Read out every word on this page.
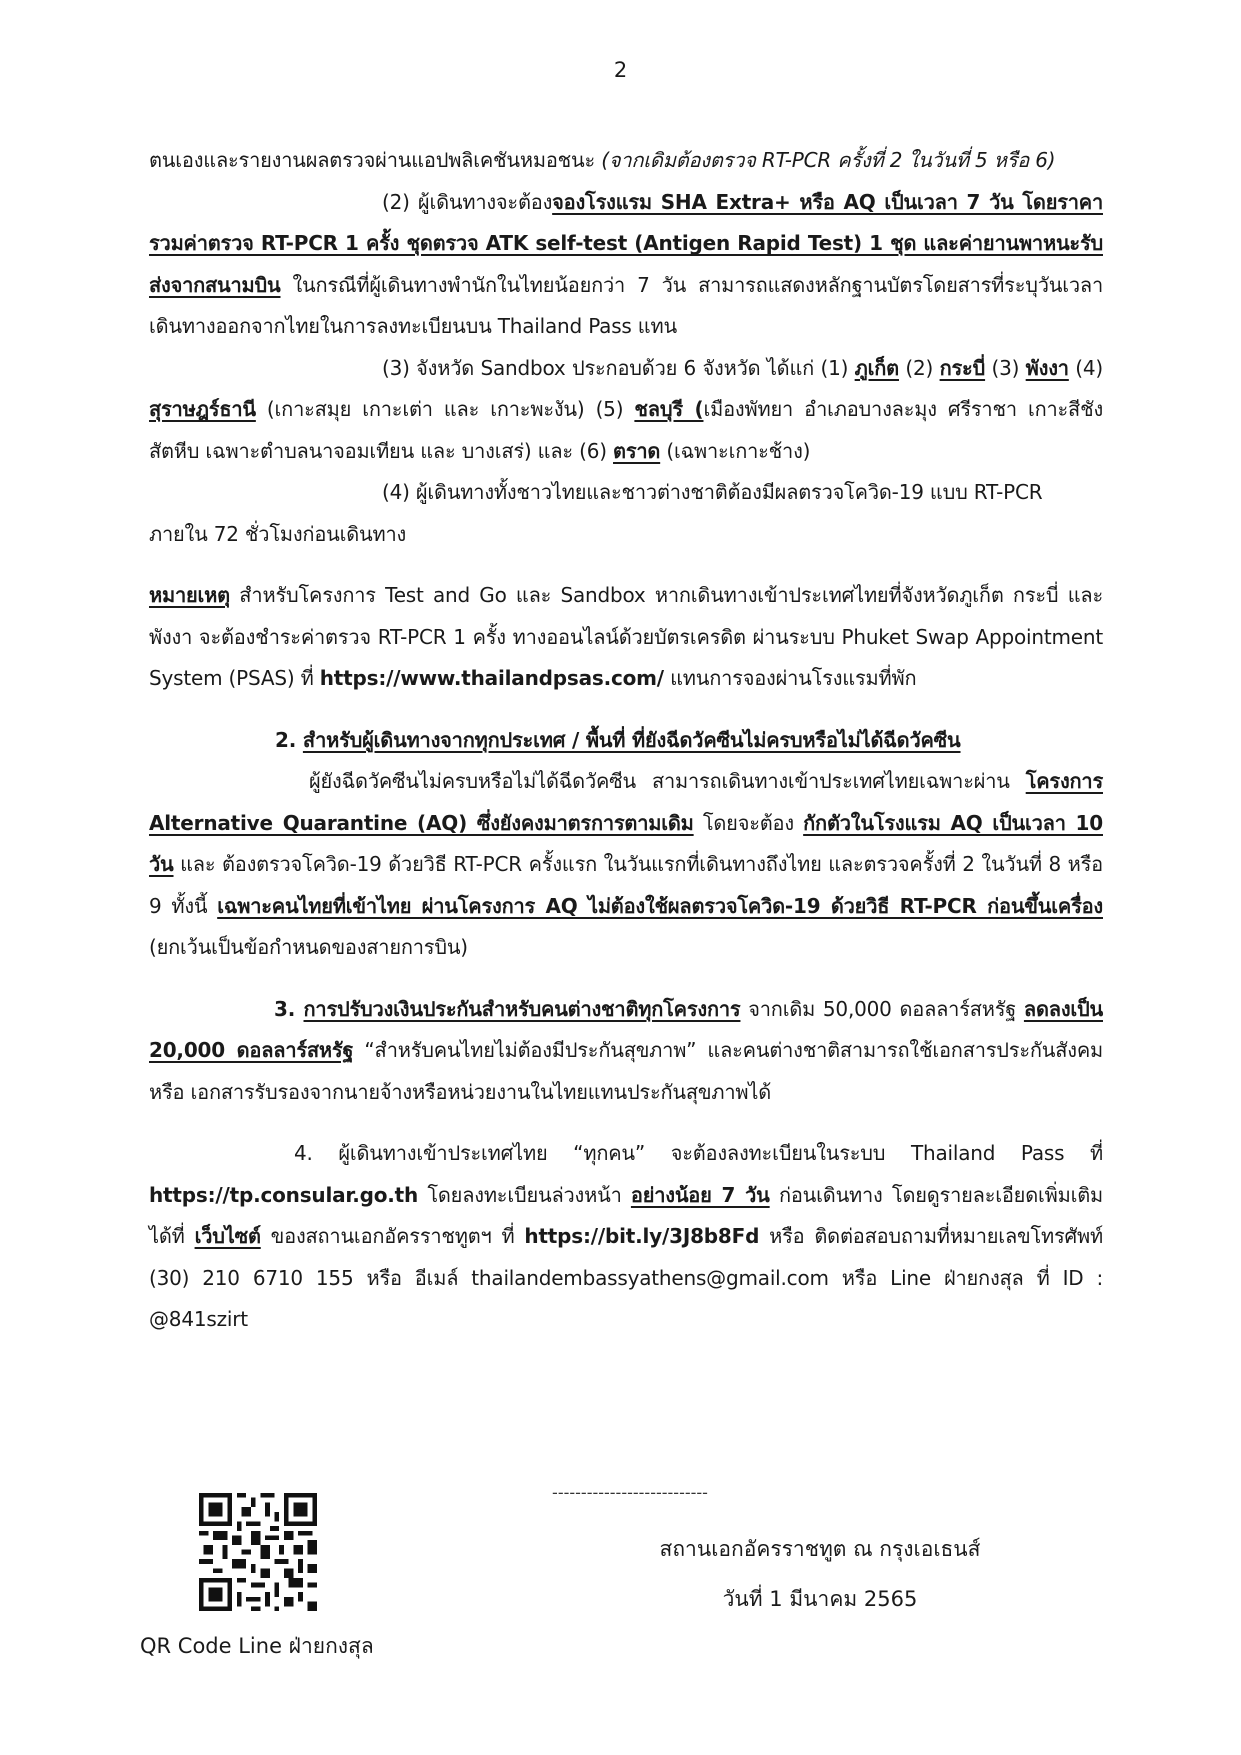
2

ตนเองและรายงานผลตรวจผ่านแอปพลิเคชันหมอชนะ (จากเดิมต้องตรวจ RT-PCR ครั้งที่ 2 ในวันที่ 5 หรือ 6)

(2) ผู้เดินทางจะต้องจองโรงแรม SHA Extra+ หรือ AQ เป็นเวลา 7 วัน โดยราคารวมค่าตรวจ RT-PCR 1 ครั้ง ชุดตรวจ ATK self-test (Antigen Rapid Test) 1 ชุด และค่ายานพาหนะรับส่งจากสนามบิน ในกรณีที่ผู้เดินทางพำนักในไทยน้อยกว่า 7 วัน สามารถแสดงหลักฐานบัตรโดยสารที่ระบุวันเวลาเดินทางออกจากไทยในการลงทะเบียนบน Thailand Pass แทน

(3) จังหวัด Sandbox ประกอบด้วย 6 จังหวัด ได้แก่ (1) ภูเก็ต (2) กระบี่ (3) พังงา (4) สุราษฎร์ธานี (เกาะสมุย เกาะเต่า และ เกาะพะงัน) (5) ชลบุรี (เมืองพัทยา อำเภอบางละมุง ศรีราชา เกาะสีชัง สัตหีบ เฉพาะตำบลนาจอมเทียน และ บางเสร่) และ (6) ตราด (เฉพาะเกาะช้าง)

(4) ผู้เดินทางทั้งชาวไทยและชาวต่างชาติต้องมีผลตรวจโควิด-19 แบบ RT-PCR ภายใน 72 ชั่วโมงก่อนเดินทาง

หมายเหตุ สำหรับโครงการ Test and Go และ Sandbox หากเดินทางเข้าประเทศไทยที่จังหวัดภูเก็ต กระบี่ และพังงา จะต้องชำระค่าตรวจ RT-PCR 1 ครั้ง ทางออนไลน์ด้วยบัตรเครดิต ผ่านระบบ Phuket Swap Appointment System (PSAS) ที่ https://www.thailandpsas.com/ แทนการจองผ่านโรงแรมที่พัก

2. สำหรับผู้เดินทางจากทุกประเทศ / พื้นที่ ที่ยังฉีดวัคซีนไม่ครบหรือไม่ได้ฉีดวัคซีน

ผู้ยังฉีดวัคซีนไม่ครบหรือไม่ได้ฉีดวัคซีน สามารถเดินทางเข้าประเทศไทยเฉพาะผ่าน โครงการ Alternative Quarantine (AQ) ซึ่งยังคงมาตรการตามเดิม โดยจะต้อง กักตัวในโรงแรม AQ เป็นเวลา 10 วัน และ ต้องตรวจโควิด-19 ด้วยวิธี RT-PCR ครั้งแรก ในวันแรกที่เดินทางถึงไทย และตรวจครั้งที่ 2 ในวันที่ 8 หรือ 9 ทั้งนี้ เฉพาะคนไทยที่เข้าไทย ผ่านโครงการ AQ ไม่ต้องใช้ผลตรวจโควิด-19 ด้วยวิธี RT-PCR ก่อนขึ้นเครื่อง (ยกเว้นเป็นข้อกำหนดของสายการบิน)

3. การปรับวงเงินประกันสำหรับคนต่างชาติทุกโครงการ จากเดิม 50,000 ดอลลาร์สหรัฐ ลดลงเป็น 20,000 ดอลลาร์สหรัฐ “สำหรับคนไทยไม่ต้องมีประกันสุขภาพ” และคนต่างชาติสามารถใช้เอกสารประกันสังคม หรือ เอกสารรับรองจากนายจ้างหรือหน่วยงานในไทยแทนประกันสุขภาพได้

4. ผู้เดินทางเข้าประเทศไทย “ทุกคน” จะต้องลงทะเบียนในระบบ Thailand Pass ที่ https://tp.consular.go.th โดยลงทะเบียนล่วงหน้า อย่างน้อย 7 วัน ก่อนเดินทาง โดยดูรายละเอียดเพิ่มเติมได้ที่ เว็บไซต์ ของสถานเอกอัครราชทูตฯ ที่ https://bit.ly/3J8b8Fd หรือ ติดต่อสอบถามที่หมายเลขโทรศัพท์ (30) 210 6710 155 หรือ อีเมล์ thailandembassyathens@gmail.com หรือ Line ฝ่ายกงสุล ที่ ID : @841szirt

---------------------------
QR Code Line ฝ่ายกงสุล
สถานเอกอัครราชทูต ณ กรุงเอเธนส์
วันที่ 1 มีนาคม 2565
